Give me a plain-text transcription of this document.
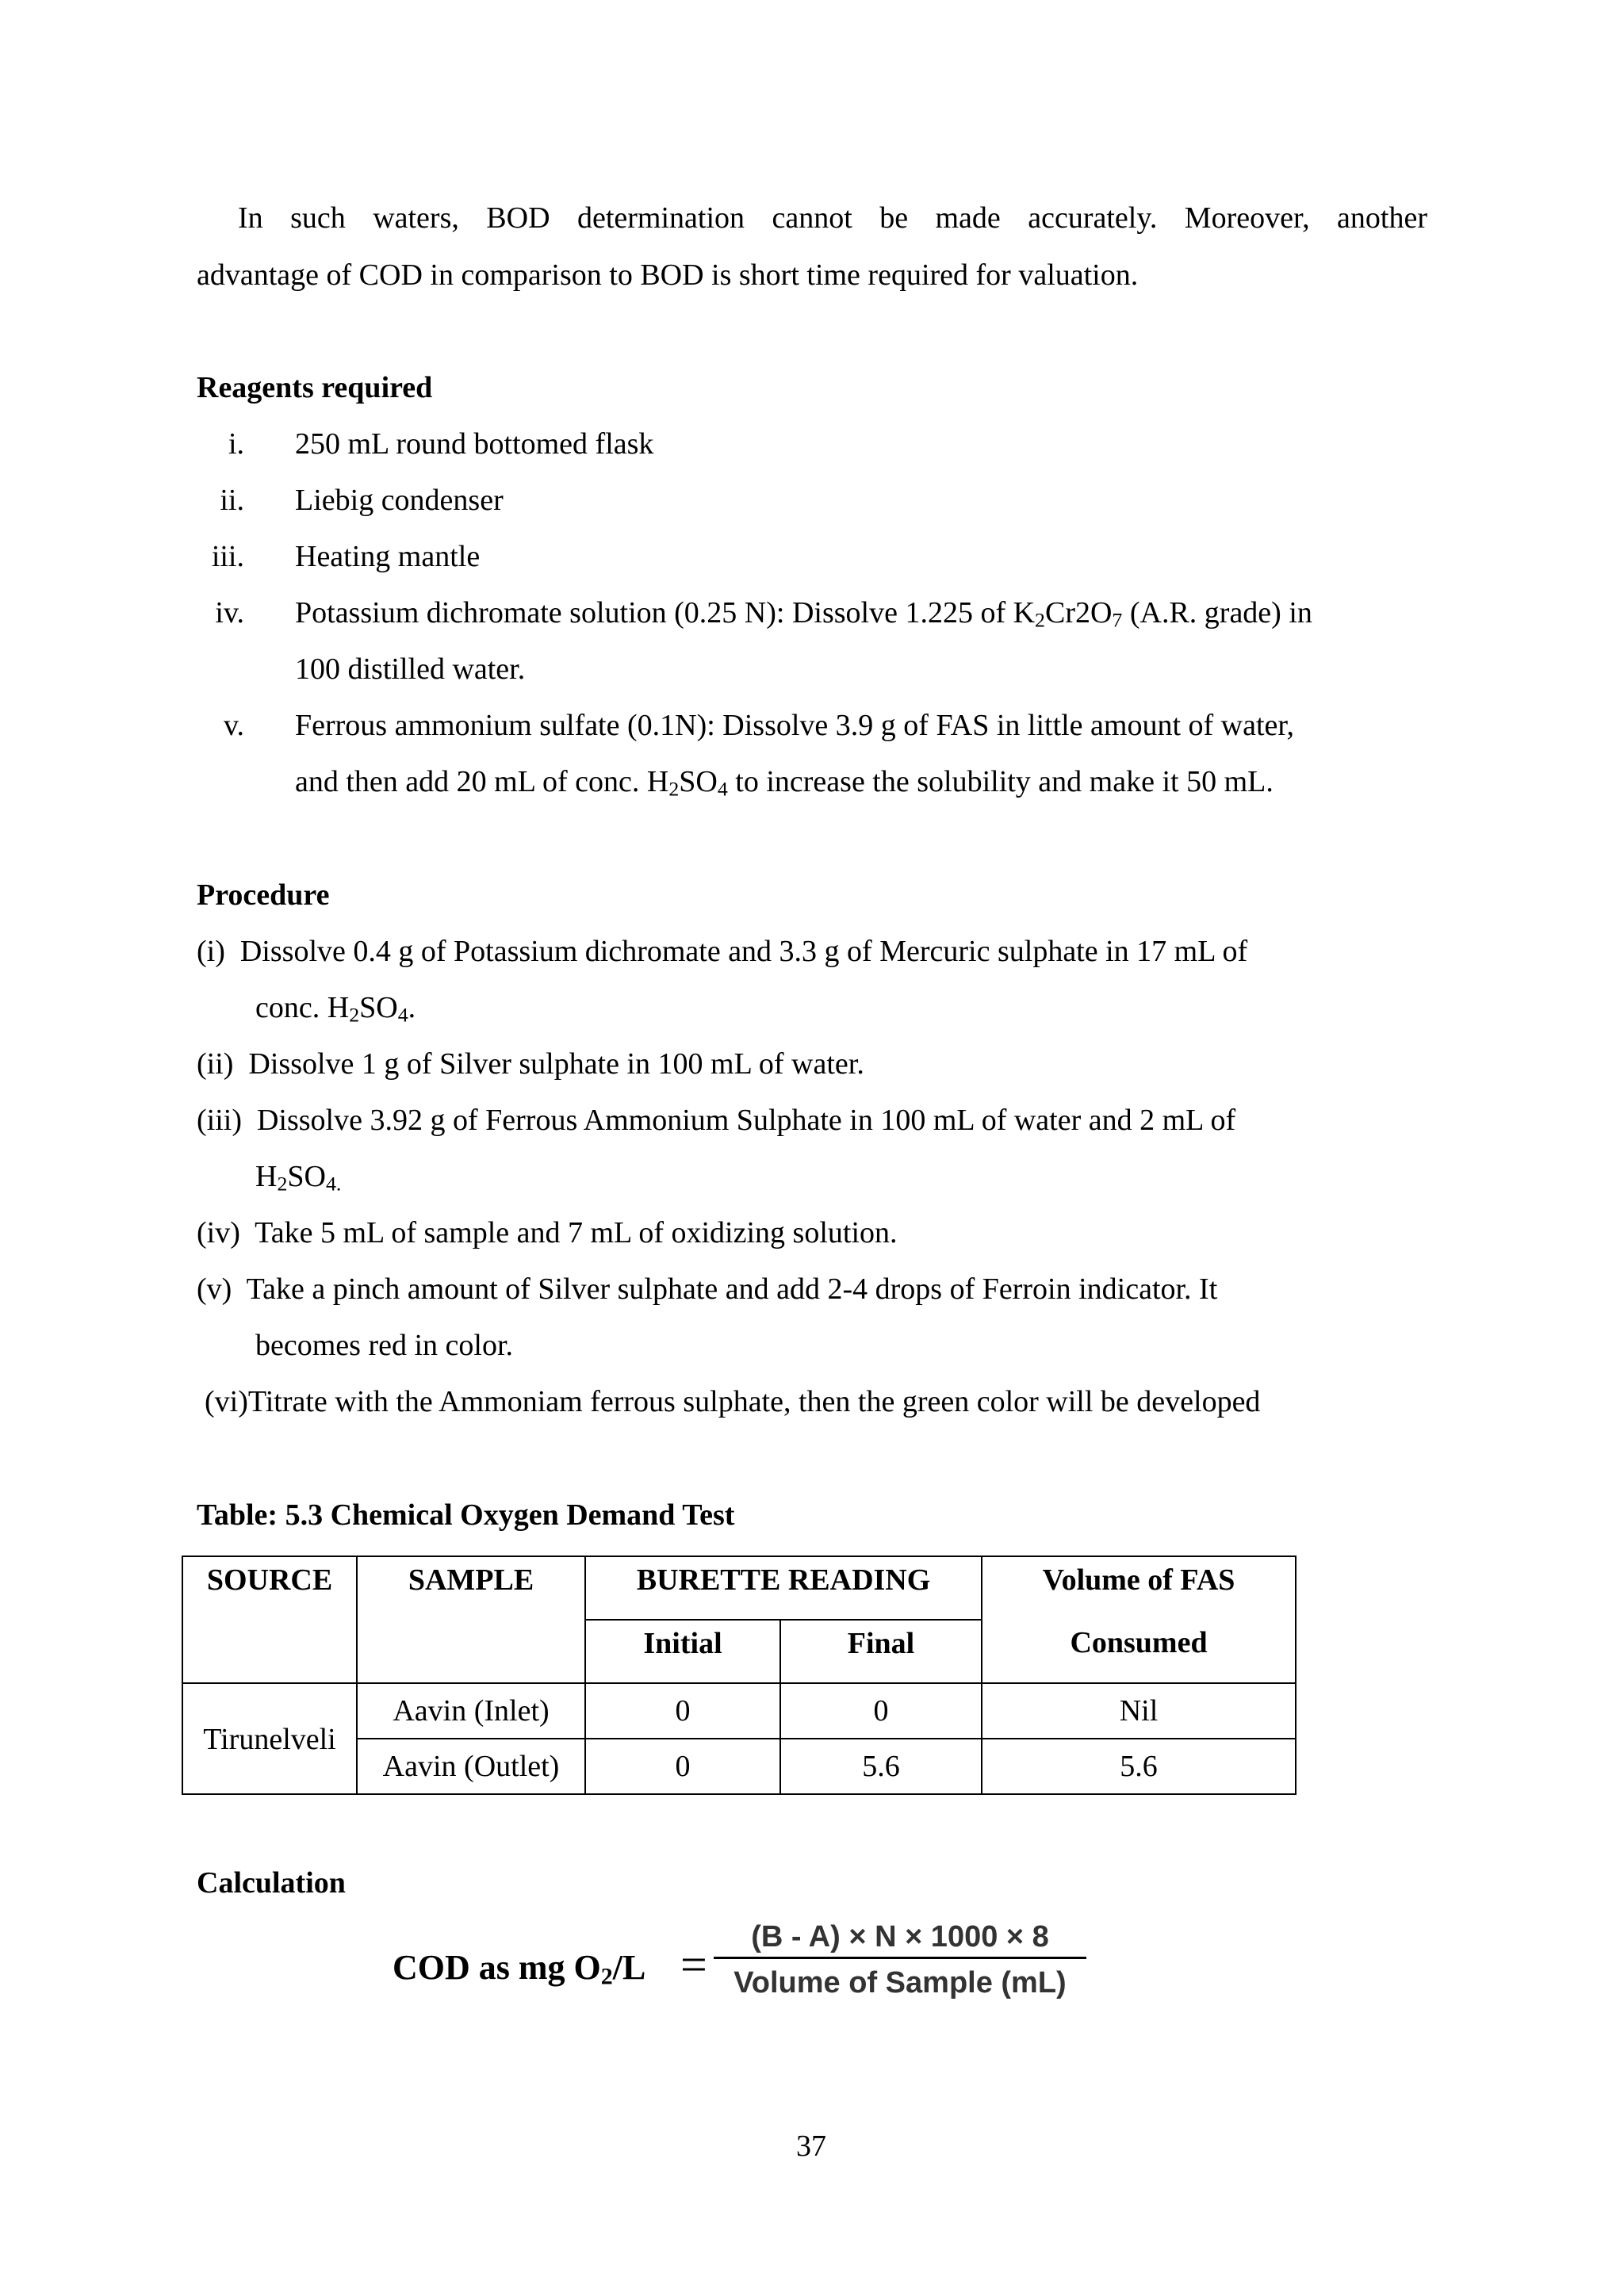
In such waters, BOD determination cannot be made accurately. Moreover, another
advantage of COD in comparison to BOD is short time required for valuation.
Reagents required
i. 250 mL round bottomed flask
ii. Liebig condenser
iii. Heating mantle
iv. Potassium dichromate solution (0.25 N): Dissolve 1.225 of $K_2Cr2O_7$ (A.R. grade) in
100 distilled water.
v. Ferrous ammonium sulfate (0.1N): Dissolve 3.9 g of FAS in little amount of water,
and then add 20 mL of conc. $H_2SO_4$ to increase the solubility and make it 50 mL.
Procedure
(i)  Dissolve 0.4 g of Potassium dichromate and 3.3 g of Mercuric sulphate in 17 mL of
conc. $H_2SO_4$.
(ii)  Dissolve 1 g of Silver sulphate in 100 mL of water.
(iii)  Dissolve 3.92 g of Ferrous Ammonium Sulphate in 100 mL of water and 2 mL of
$H_2SO_{4.}$
(iv)  Take 5 mL of sample and 7 mL of oxidizing solution.
(v)  Take a pinch amount of Silver sulphate and add 2-4 drops of Ferroin indicator. It
becomes red in color.
(vi)Titrate with the Ammoniam ferrous sulphate, then the green color will be developed
Table: 5.3 Chemical Oxygen Demand Test
SOURCE	SAMPLE	BURETTE READING		Volume of FAS
		Initial	Final	Consumed
Tirunelveli	Aavin (Inlet)	0	0	Nil
	Aavin (Outlet)	0	5.6	5.6
Calculation
COD as mg $O_2/L$ =
(B - A) × N × 1000 × 8
Volume of Sample (mL)
37
